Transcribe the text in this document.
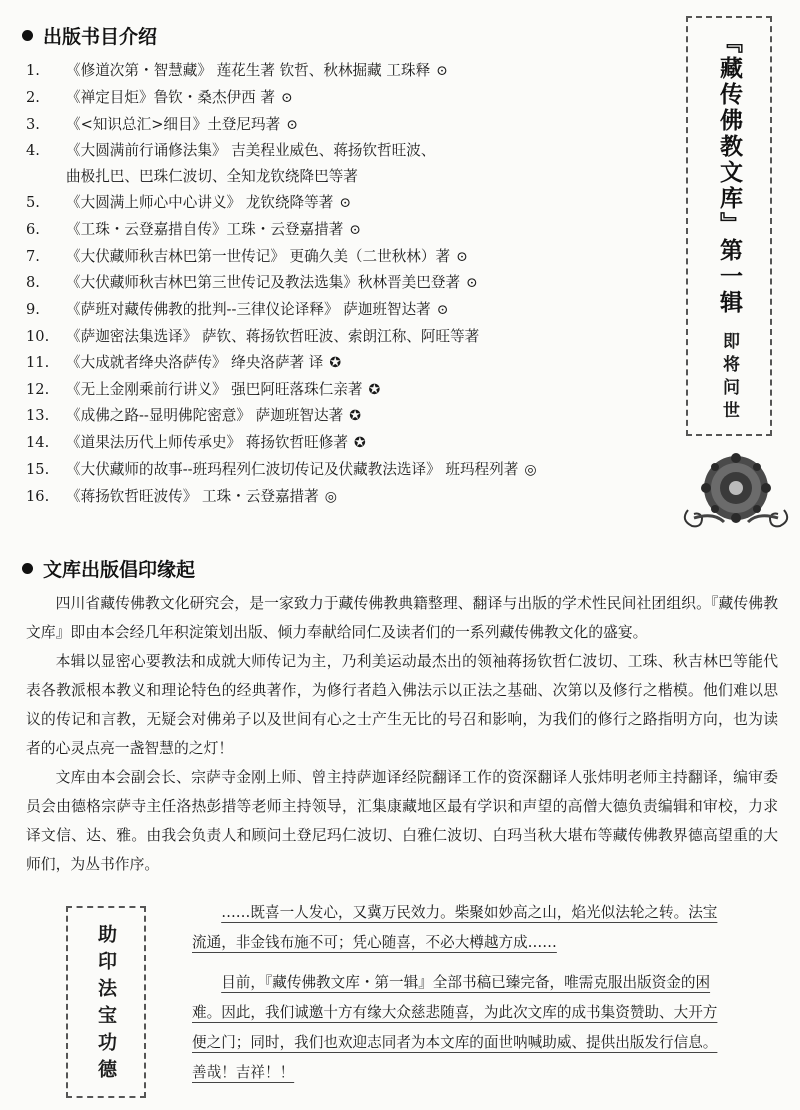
出版书目介绍
1.	《修道次第・智慧藏》 莲花生著 钦哲、秋林掘藏 工珠释 ⊙
2.	《禅定目炬》鲁钦・桑杰伊西 著 ⊙
3.	《<知识总汇>细目》土登尼玛著 ⊙
4.	《大圆满前行诵修法集》 吉美程业威色、蒋扬钦哲旺波、
曲极扎巴、巴珠仁波切、全知龙钦绕降巴等著
5.	《大圆满上师心中心讲义》 龙钦绕降等著 ⊙
6.	《工珠・云登嘉措自传》工珠・云登嘉措著 ⊙
7.	《大伏藏师秋吉林巴第一世传记》 更确久美（二世秋林）著 ⊙
8.	《大伏藏师秋吉林巴第三世传记及教法选集》秋林晋美巴登著 ⊙
9.	《萨班对藏传佛教的批判--三律仪论译释》 萨迦班智达著 ⊙
10.	《萨迦密法集选译》 萨钦、蒋扬钦哲旺波、索朗江称、阿旺等著
11.	《大成就者绛央洛萨传》 绛央洛萨著 译 ✪
12.	《无上金刚乘前行讲义》 强巴阿旺落珠仁亲著 ✪
13.	《成佛之路--显明佛陀密意》 萨迦班智达著 ✪
14.	《道果法历代上师传承史》 蒋扬钦哲旺修著 ✪
15.	《大伏藏师的故事--班玛程列仁波切传记及伏藏教法选译》 班玛程列著 ◎
16.	《蒋扬钦哲旺波传》 工珠・云登嘉措著 ◎
『藏传佛教文库』第一辑
即将问世
文库出版倡印缘起

四川省藏传佛教文化研究会，是一家致力于藏传佛教典籍整理、翻译与出版的学术性民间社团组织。『藏传佛教文库』即由本会经几年积淀策划出版、倾力奉献给同仁及读者们的一系列藏传佛教文化的盛宴。

本辑以显密心要教法和成就大师传记为主，乃利美运动最杰出的领袖蒋扬钦哲仁波切、工珠、秋吉林巴等能代表各教派根本教义和理论特色的经典著作，为修行者趋入佛法示以正法之基础、次第以及修行之楷模。他们难以思议的传记和言教，无疑会对佛弟子以及世间有心之士产生无比的号召和影响，为我们的修行之路指明方向，也为读者的心灵点亮一盏智慧的之灯！

文库由本会副会长、宗萨寺金刚上师、曾主持萨迦译经院翻译工作的资深翻译人张炜明老师主持翻译，编审委员会由德格宗萨寺主任洛热彭措等老师主持领导，汇集康藏地区最有学识和声望的高僧大德负责编辑和审校，力求译文信、达、雅。由我会负责人和顾问土登尼玛仁波切、白雅仁波切、白玛当秋大堪布等藏传佛教界德高望重的大师们，为丛书作序。

助印法宝功德

……既喜一人发心，又冀万民效力。柴聚如妙高之山，焰光似法轮之转。法宝流通，非金钱布施不可；凭心随喜，不必大樽越方成……

目前，『藏传佛教文库・第一辑』全部书稿已臻完备，唯需克服出版资金的困难。因此，我们诚邀十方有缘大众慈悲随喜，为此次文库的成书集资赞助、大开方便之门；同时，我们也欢迎志同者为本文库的面世呐喊助威、提供出版发行信息。善哉！吉祥！！
